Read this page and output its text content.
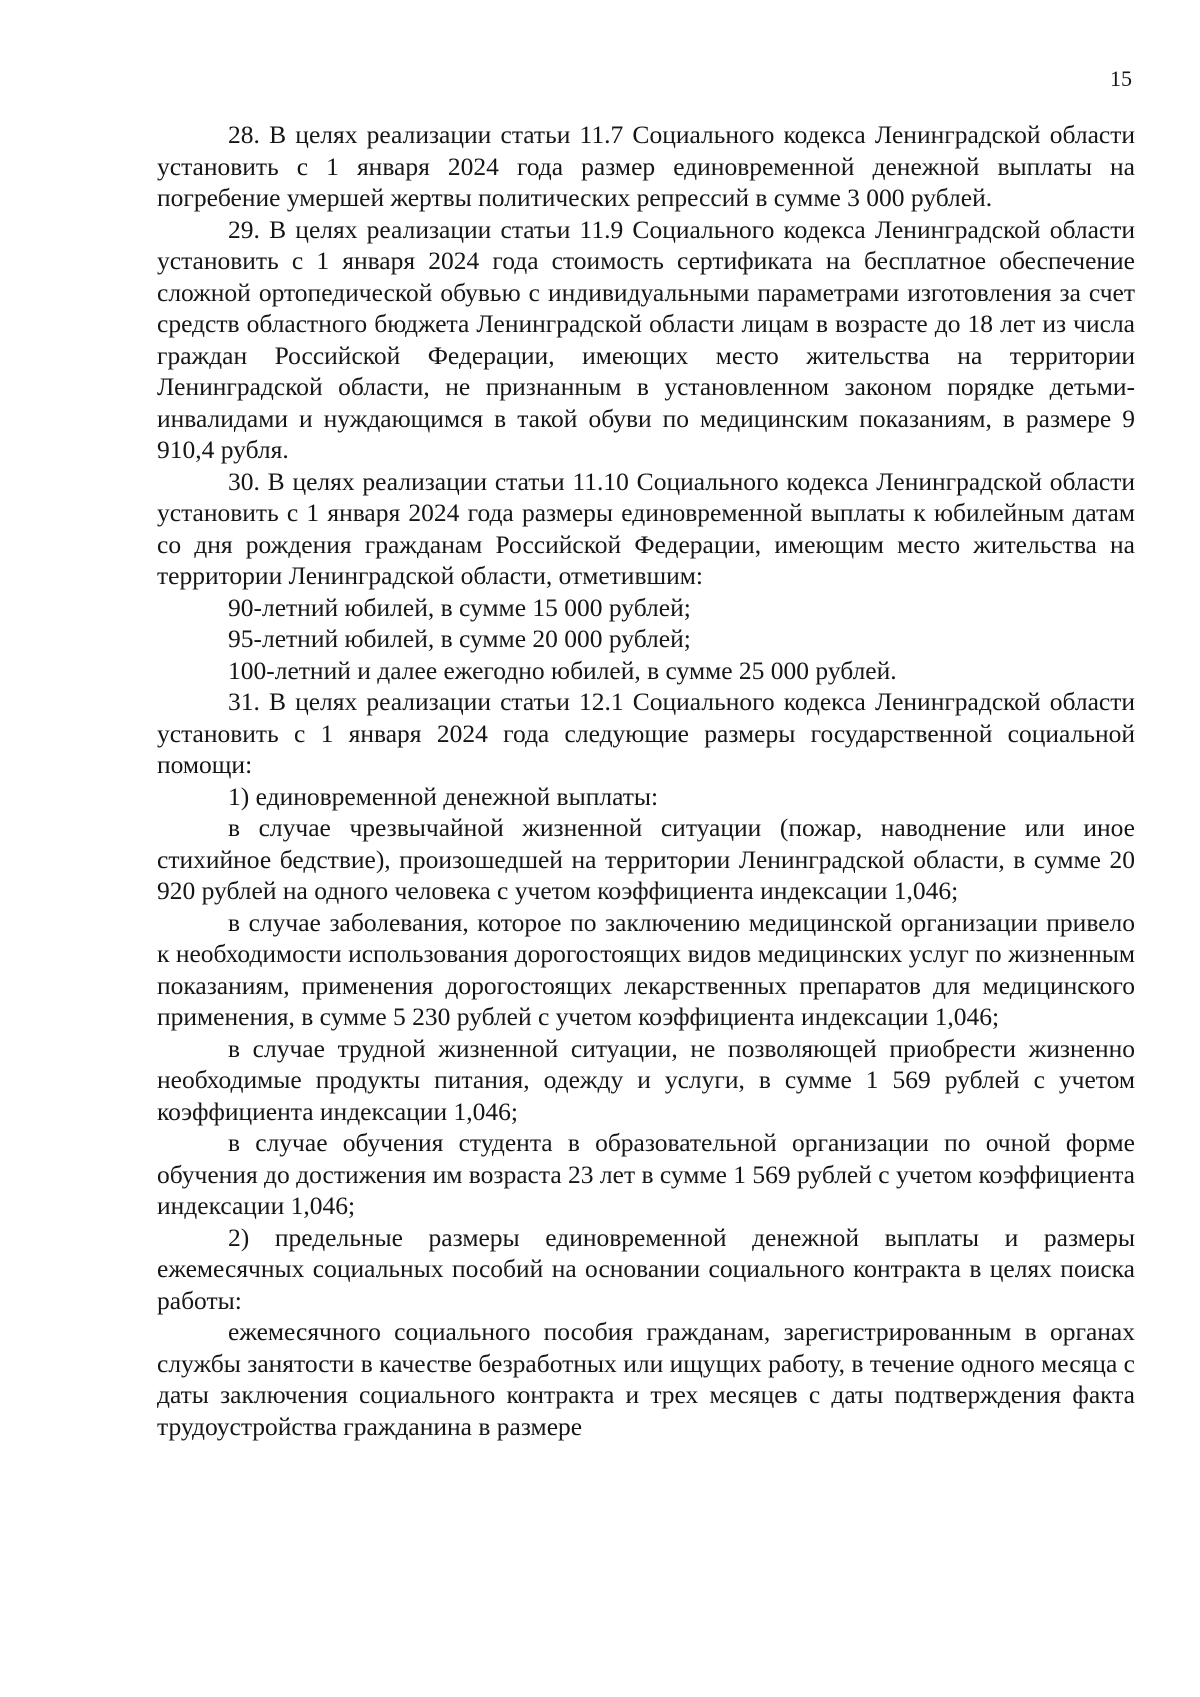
15

28. В целях реализации статьи 11.7 Социального кодекса Ленинградской области установить с 1 января 2024 года размер единовременной денежной выплаты на погребение умершей жертвы политических репрессий в сумме 3 000 рублей.

29. В целях реализации статьи 11.9 Социального кодекса Ленинградской области установить с 1 января 2024 года стоимость сертификата на бесплатное обеспечение сложной ортопедической обувью с индивидуальными параметрами изготовления за счет средств областного бюджета Ленинградской области лицам в возрасте до 18 лет из числа граждан Российской Федерации, имеющих место жительства на территории Ленинградской области, не признанным в установленном законом порядке детьми-инвалидами и нуждающимся в такой обуви по медицинским показаниям, в размере 9 910,4 рубля.

30. В целях реализации статьи 11.10 Социального кодекса Ленинградской области установить с 1 января 2024 года размеры единовременной выплаты к юбилейным датам со дня рождения гражданам Российской Федерации, имеющим место жительства на территории Ленинградской области, отметившим:

90-летний юбилей, в сумме 15 000 рублей;

95-летний юбилей, в сумме 20 000 рублей;

100-летний и далее ежегодно юбилей, в сумме 25 000 рублей.

31. В целях реализации статьи 12.1 Социального кодекса Ленинградской области установить с 1 января 2024 года следующие размеры государственной социальной помощи:

1) единовременной денежной выплаты:

в случае чрезвычайной жизненной ситуации (пожар, наводнение или иное стихийное бедствие), произошедшей на территории Ленинградской области, в сумме 20 920 рублей на одного человека с учетом коэффициента индексации 1,046;

в случае заболевания, которое по заключению медицинской организации привело к необходимости использования дорогостоящих видов медицинских услуг по жизненным показаниям, применения дорогостоящих лекарственных препаратов для медицинского применения, в сумме 5 230 рублей с учетом коэффициента индексации 1,046;

в случае трудной жизненной ситуации, не позволяющей приобрести жизненно необходимые продукты питания, одежду и услуги, в сумме 1 569 рублей с учетом коэффициента индексации 1,046;

в случае обучения студента в образовательной организации по очной форме обучения до достижения им возраста 23 лет в сумме 1 569 рублей с учетом коэффициента индексации 1,046;

2) предельные размеры единовременной денежной выплаты и размеры ежемесячных социальных пособий на основании социального контракта в целях поиска работы:

ежемесячного социального пособия гражданам, зарегистрированным в органах службы занятости в качестве безработных или ищущих работу, в течение одного месяца с даты заключения социального контракта и трех месяцев с даты подтверждения факта трудоустройства гражданина в размере
